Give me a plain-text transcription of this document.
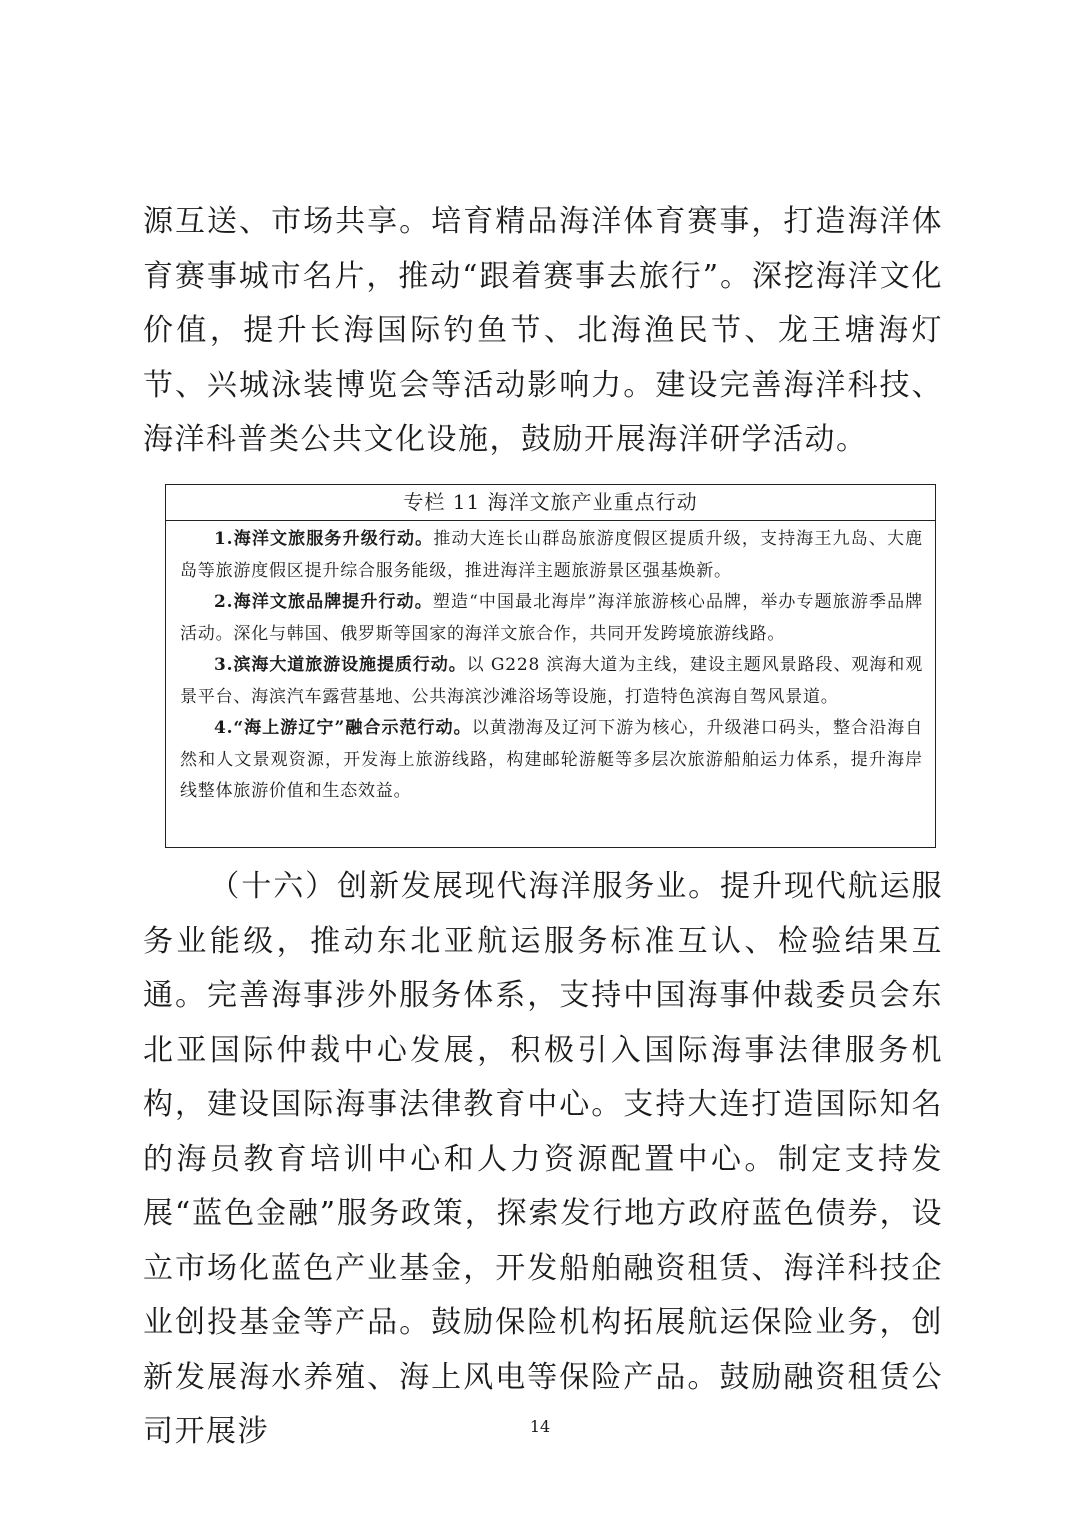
源互送、市场共享。培育精品海洋体育赛事，打造海洋体育赛事城市名片，推动“跟着赛事去旅行”。深挖海洋文化价值，提升长海国际钓鱼节、北海渔民节、龙王塘海灯节、兴城泳装博览会等活动影响力。建设完善海洋科技、海洋科普类公共文化设施，鼓励开展海洋研学活动。
专栏 11 海洋文旅产业重点行动

1.海洋文旅服务升级行动。推动大连长山群岛旅游度假区提质升级，支持海王九岛、大鹿岛等旅游度假区提升综合服务能级，推进海洋主题旅游景区强基焕新。

2.海洋文旅品牌提升行动。塑造“中国最北海岸”海洋旅游核心品牌，举办专题旅游季品牌活动。深化与韩国、俄罗斯等国家的海洋文旅合作，共同开发跨境旅游线路。

3.滨海大道旅游设施提质行动。以 G228 滨海大道为主线，建设主题风景路段、观海和观景平台、海滨汽车露营基地、公共海滨沙滩浴场等设施，打造特色滨海自驾风景道。

4.“海上游辽宁”融合示范行动。以黄渤海及辽河下游为核心，升级港口码头，整合沿海自然和人文景观资源，开发海上旅游线路，构建邮轮游艇等多层次旅游船舶运力体系，提升海岸线整体旅游价值和生态效益。

（十六）创新发展现代海洋服务业。提升现代航运服务业能级，推动东北亚航运服务标准互认、检验结果互通。完善海事涉外服务体系，支持中国海事仲裁委员会东北亚国际仲裁中心发展，积极引入国际海事法律服务机构，建设国际海事法律教育中心。支持大连打造国际知名的海员教育培训中心和人力资源配置中心。制定支持发展“蓝色金融”服务政策，探索发行地方政府蓝色债券，设立市场化蓝色产业基金，开发船舶融资租赁、海洋科技企业创投基金等产品。鼓励保险机构拓展航运保险业务，创新发展海水养殖、海上风电等保险产品。鼓励融资租赁公司开展涉	14
